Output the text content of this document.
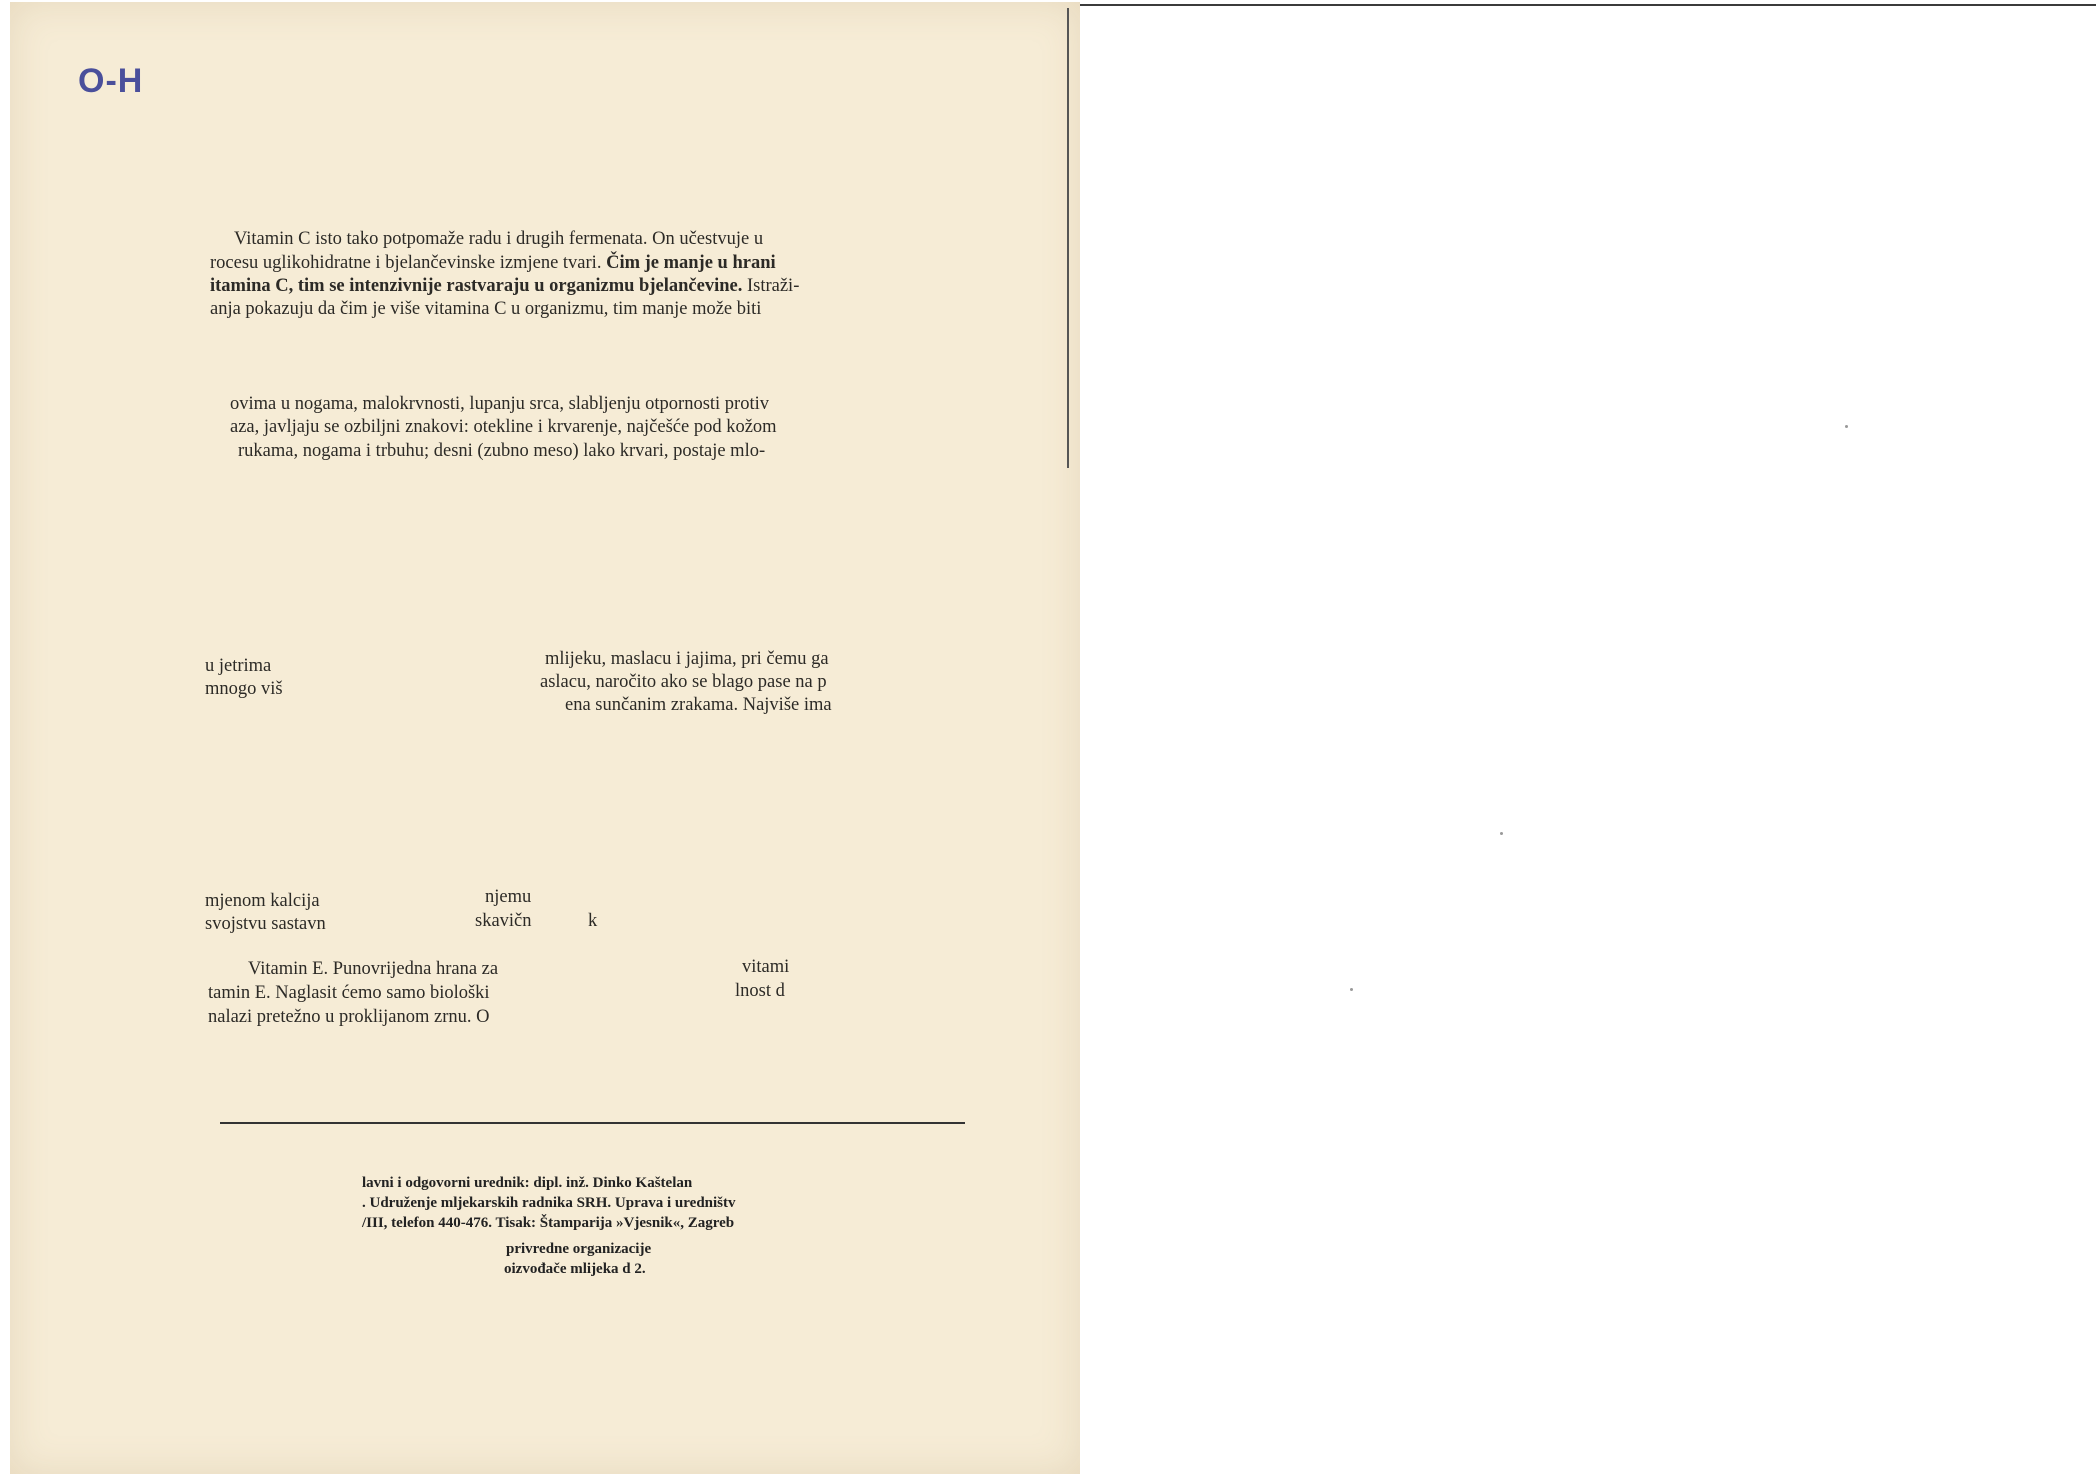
O-H
Vitamin C isto tako potpomaže radu i drugih fermenata. On učestvuje u
rocesu uglikohidratne i bjelančevinske izmjene tvari. Čim je manje u hrani
itamina C, tim se intenzivnije rastvaraju u organizmu bjelančevine. Istraži-
anja pokazuju da čim je više vitamina C u organizmu, tim manje može biti
ovima u nogama, malokrvnosti, lupanju srca, slabljenju otpornosti protiv
aza, javljaju se ozbiljni znakovi: otekline i krvarenje, najčešće pod kožom
rukama, nogama i trbuhu; desni (zubno meso) lako krvari, postaje mlo-
u jetrima
mnogo viš
mlijeku, maslacu i jajima, pri čemu ga
aslacu, naročito ako se blago pase na p
ena sunčanim zrakama. Najviše ima
mjenom kalcija
svojstvu sastavn
njemu
skavičn	k
Vitamin E. Punovrijedna hrana za
tamin E. Naglasit ćemo samo biološki
nalazi pretežno u proklijanom zrnu. O
vitami
lnost d
lavni i odgovorni urednik: dipl. inž. Dinko Kaštelan
. Udruženje mljekarskih radnika SRH. Uprava i uredništv
/III, telefon 440-476. Tisak: Štamparija »Vjesnik«, Zagreb
privredne organizacije
oizvođače mlijeka d 2.
